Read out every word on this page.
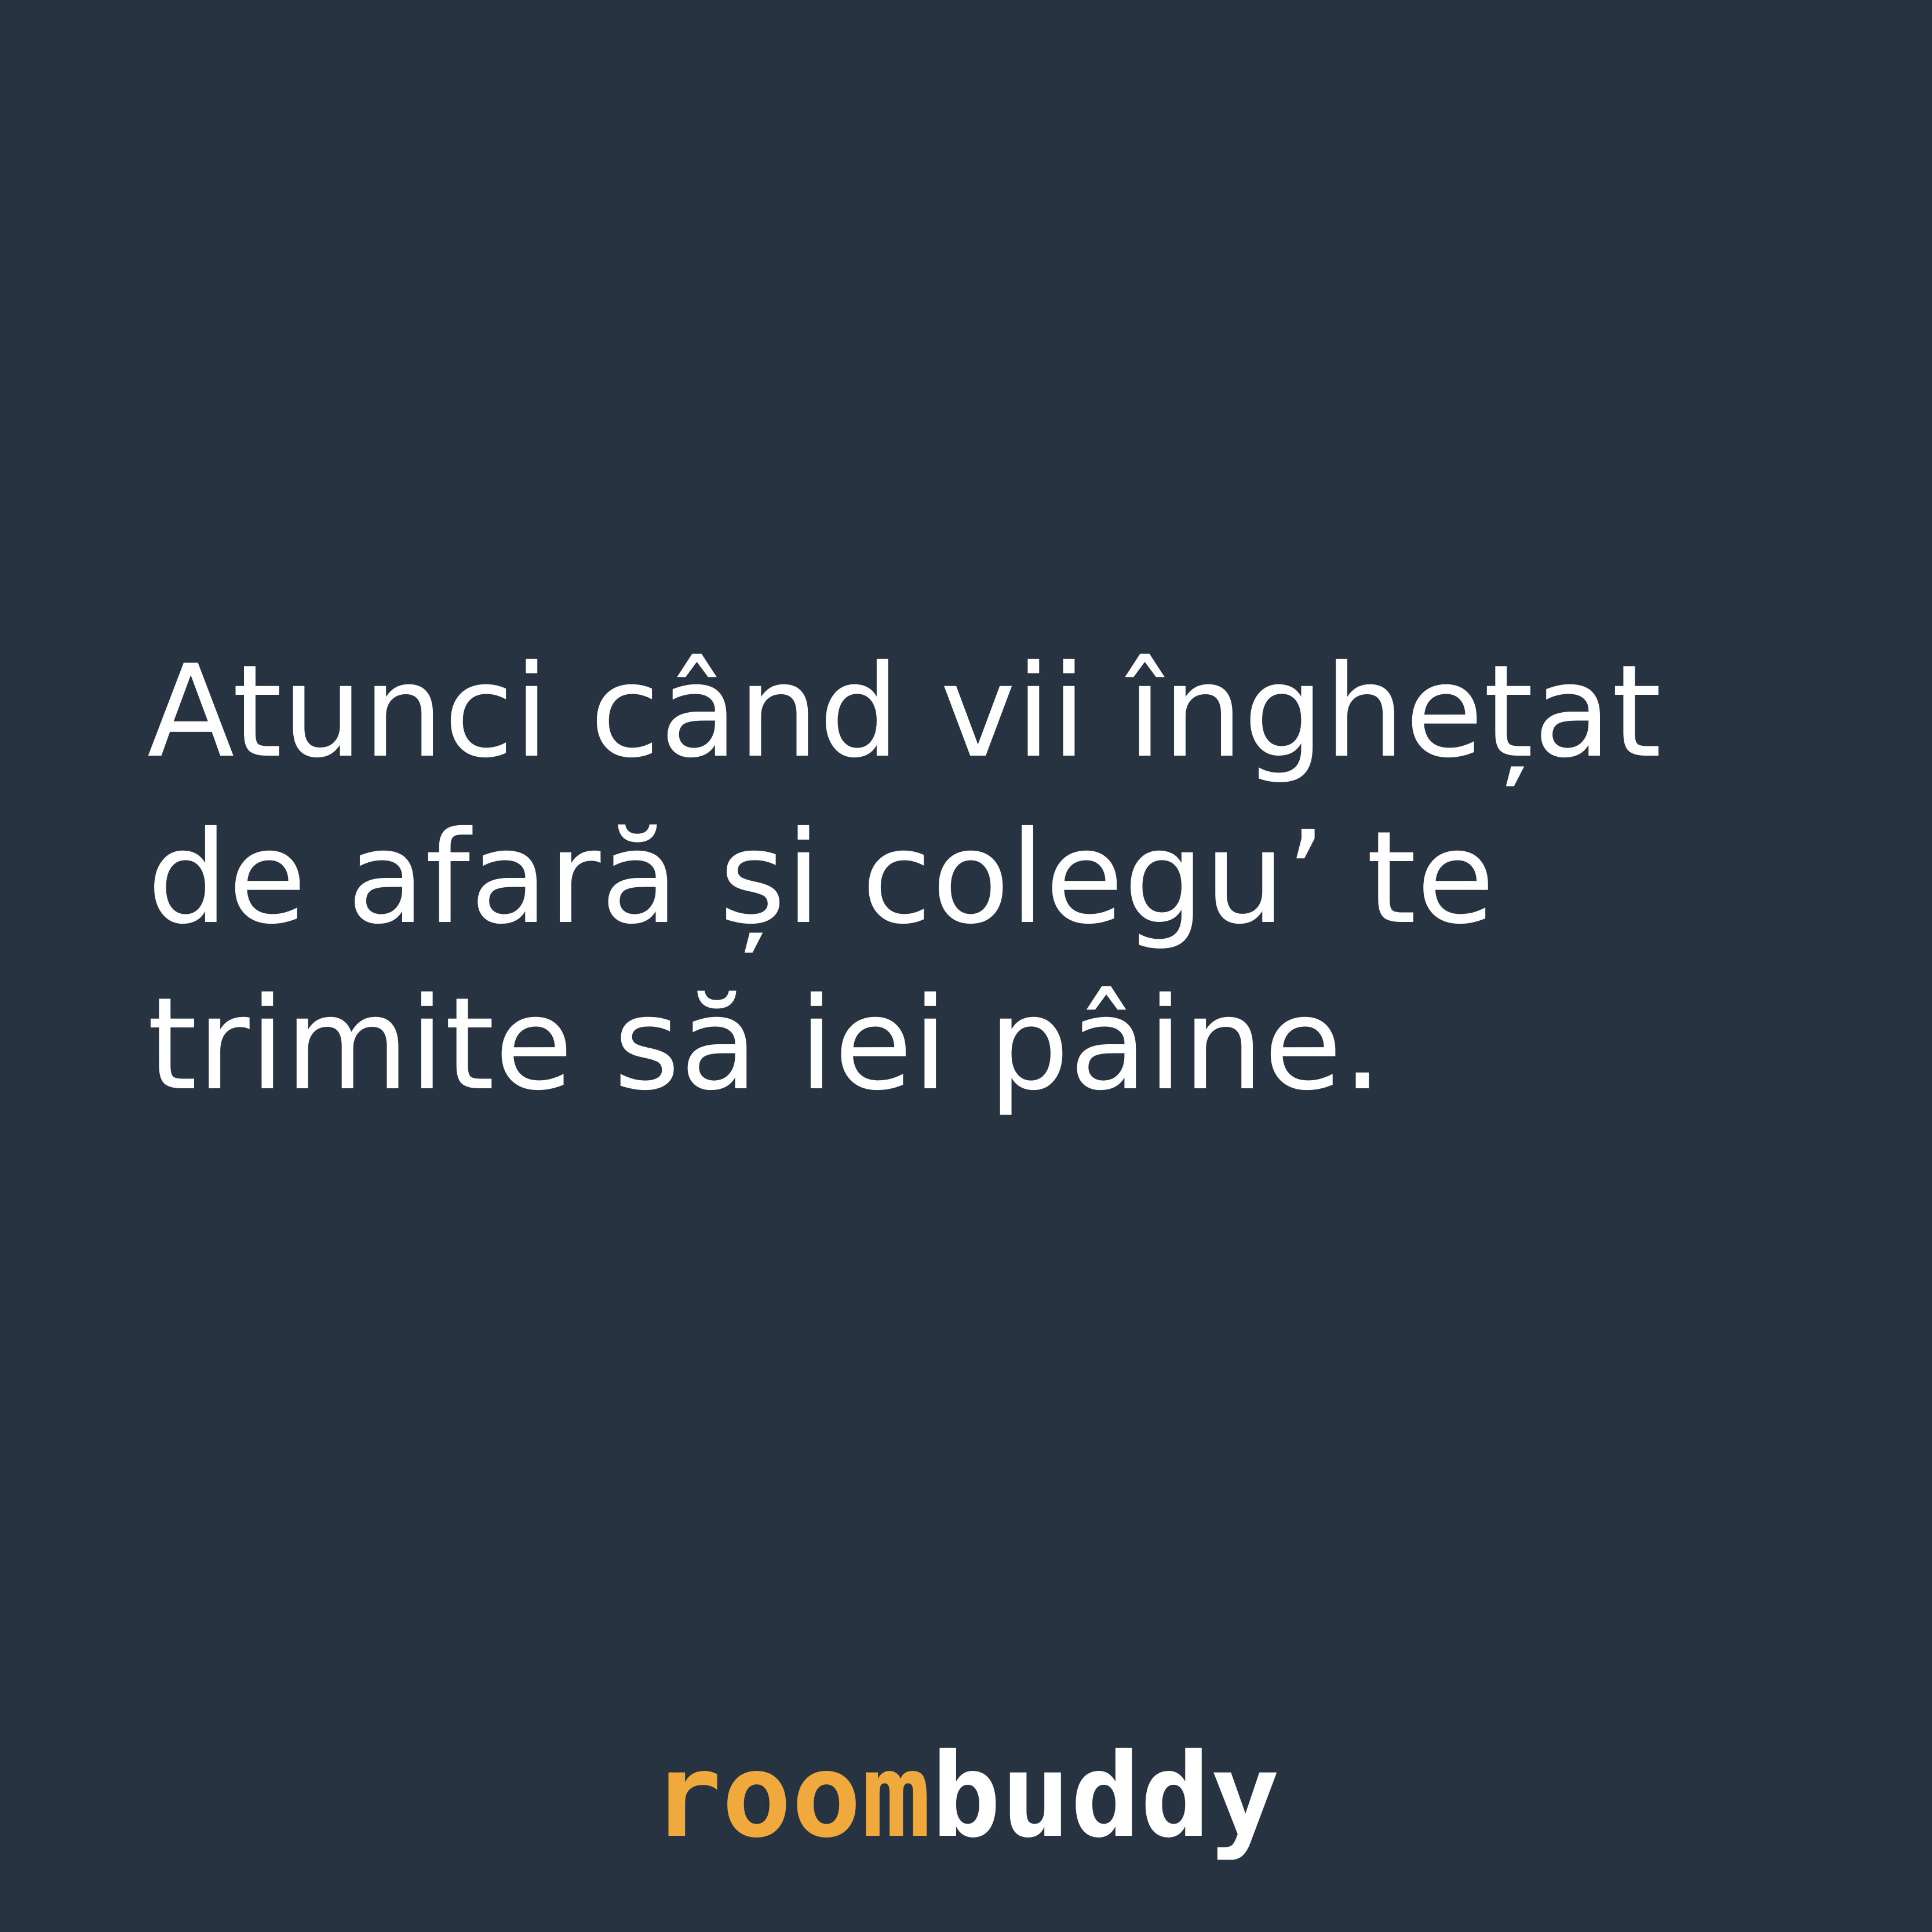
Atunci când vii înghețat
de afară și colegu’ te
trimite să iei pâine.

roombuddy
